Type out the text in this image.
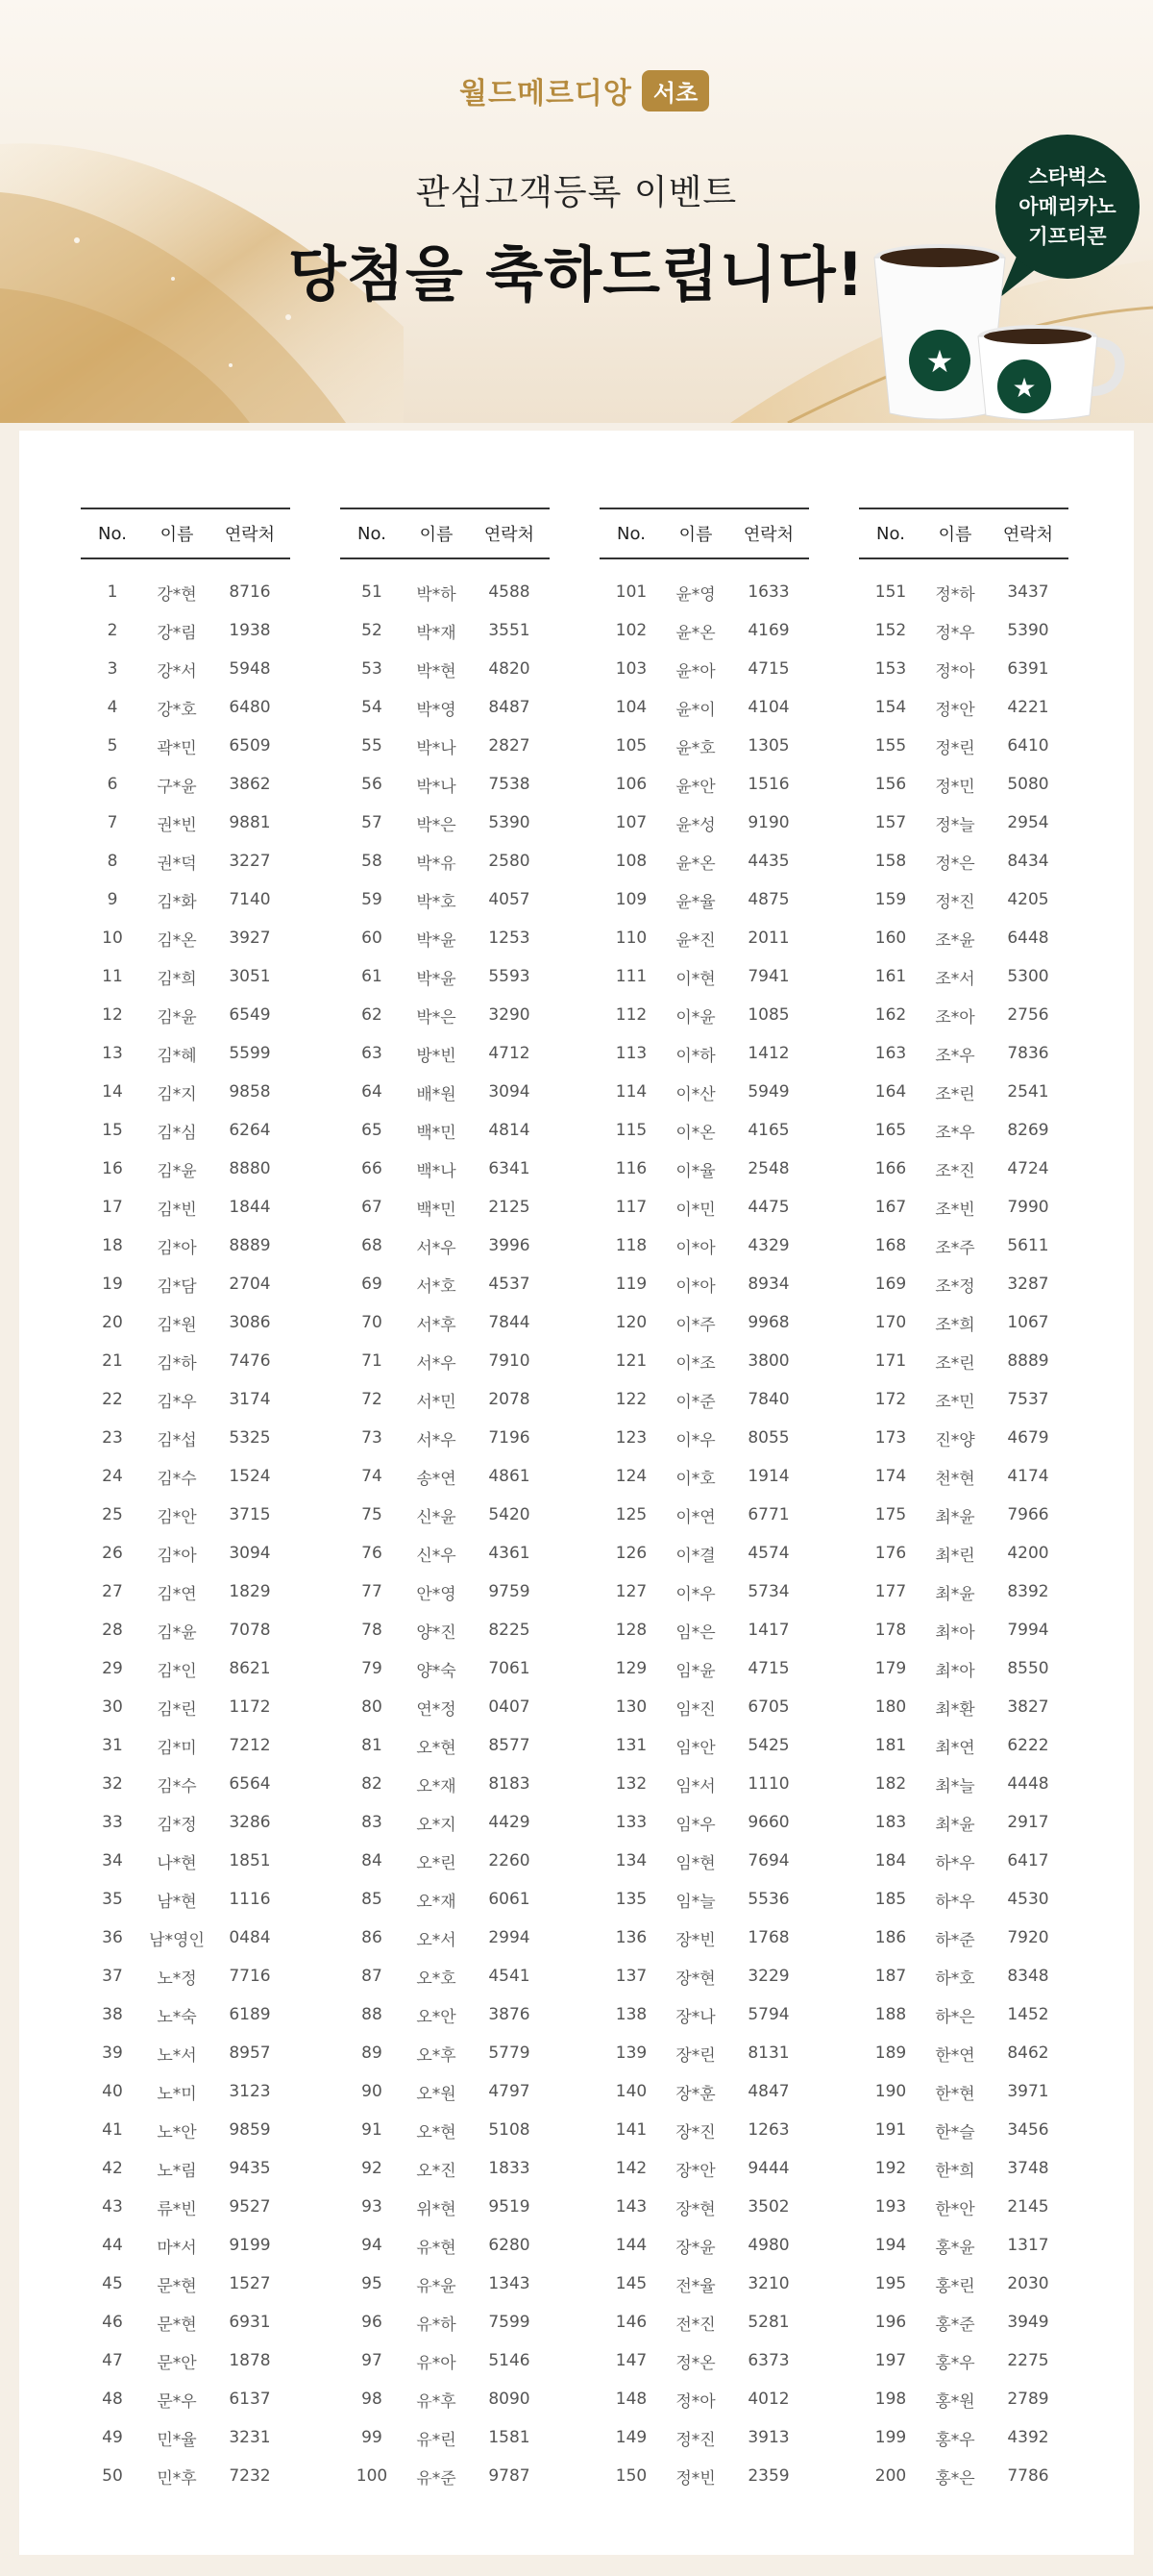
월드메르디앙 서초
관심고객등록 이벤트
당첨을 축하드립니다!
스타벅스
아메리카노
기프티콘
★
★
No.	이름	연락처
1	강*현	8716
2	강*림	1938
3	강*서	5948
4	강*호	6480
5	곽*민	6509
6	구*윤	3862
7	권*빈	9881
8	권*덕	3227
9	김*화	7140
10	김*온	3927
11	김*희	3051
12	김*윤	6549
13	김*혜	5599
14	김*지	9858
15	김*심	6264
16	김*윤	8880
17	김*빈	1844
18	김*아	8889
19	김*담	2704
20	김*원	3086
21	김*하	7476
22	김*우	3174
23	김*섭	5325
24	김*수	1524
25	김*안	3715
26	김*아	3094
27	김*연	1829
28	김*윤	7078
29	김*인	8621
30	김*린	1172
31	김*미	7212
32	김*수	6564
33	김*정	3286
34	나*현	1851
35	남*현	1116
36	남*영인	0484
37	노*정	7716
38	노*숙	6189
39	노*서	8957
40	노*미	3123
41	노*안	9859
42	노*림	9435
43	류*빈	9527
44	마*서	9199
45	문*현	1527
46	문*현	6931
47	문*안	1878
48	문*우	6137
49	민*율	3231
50	민*후	7232
No.	이름	연락처
51	박*하	4588
52	박*재	3551
53	박*현	4820
54	박*영	8487
55	박*나	2827
56	박*나	7538
57	박*은	5390
58	박*유	2580
59	박*호	4057
60	박*윤	1253
61	박*윤	5593
62	박*은	3290
63	방*빈	4712
64	배*원	3094
65	백*민	4814
66	백*나	6341
67	백*민	2125
68	서*우	3996
69	서*호	4537
70	서*후	7844
71	서*우	7910
72	서*민	2078
73	서*우	7196
74	송*연	4861
75	신*윤	5420
76	신*우	4361
77	안*영	9759
78	양*진	8225
79	양*숙	7061
80	연*정	0407
81	오*현	8577
82	오*재	8183
83	오*지	4429
84	오*린	2260
85	오*재	6061
86	오*서	2994
87	오*호	4541
88	오*안	3876
89	오*후	5779
90	오*원	4797
91	오*현	5108
92	오*진	1833
93	위*현	9519
94	유*현	6280
95	유*윤	1343
96	유*하	7599
97	유*아	5146
98	유*후	8090
99	유*린	1581
100	유*준	9787
No.	이름	연락처
101	윤*영	1633
102	윤*온	4169
103	윤*아	4715
104	윤*이	4104
105	윤*호	1305
106	윤*안	1516
107	윤*성	9190
108	윤*온	4435
109	윤*율	4875
110	윤*진	2011
111	이*현	7941
112	이*윤	1085
113	이*하	1412
114	이*산	5949
115	이*온	4165
116	이*율	2548
117	이*민	4475
118	이*아	4329
119	이*아	8934
120	이*주	9968
121	이*조	3800
122	이*준	7840
123	이*우	8055
124	이*호	1914
125	이*연	6771
126	이*결	4574
127	이*우	5734
128	임*은	1417
129	임*윤	4715
130	임*진	6705
131	임*안	5425
132	임*서	1110
133	임*우	9660
134	임*현	7694
135	임*늘	5536
136	장*빈	1768
137	장*현	3229
138	장*나	5794
139	장*린	8131
140	장*훈	4847
141	장*진	1263
142	장*안	9444
143	장*현	3502
144	장*윤	4980
145	전*율	3210
146	전*진	5281
147	정*온	6373
148	정*아	4012
149	정*진	3913
150	정*빈	2359
No.	이름	연락처
151	정*하	3437
152	정*우	5390
153	정*아	6391
154	정*안	4221
155	정*린	6410
156	정*민	5080
157	정*늘	2954
158	정*은	8434
159	정*진	4205
160	조*윤	6448
161	조*서	5300
162	조*아	2756
163	조*우	7836
164	조*린	2541
165	조*우	8269
166	조*진	4724
167	조*빈	7990
168	조*주	5611
169	조*정	3287
170	조*희	1067
171	조*린	8889
172	조*민	7537
173	진*양	4679
174	천*현	4174
175	최*윤	7966
176	최*린	4200
177	최*윤	8392
178	최*아	7994
179	최*아	8550
180	최*환	3827
181	최*연	6222
182	최*늘	4448
183	최*윤	2917
184	하*우	6417
185	하*우	4530
186	하*준	7920
187	하*호	8348
188	하*은	1452
189	한*연	8462
190	한*현	3971
191	한*슬	3456
192	한*희	3748
193	한*안	2145
194	홍*윤	1317
195	홍*린	2030
196	홍*준	3949
197	홍*우	2275
198	홍*원	2789
199	홍*우	4392
200	홍*은	7786
